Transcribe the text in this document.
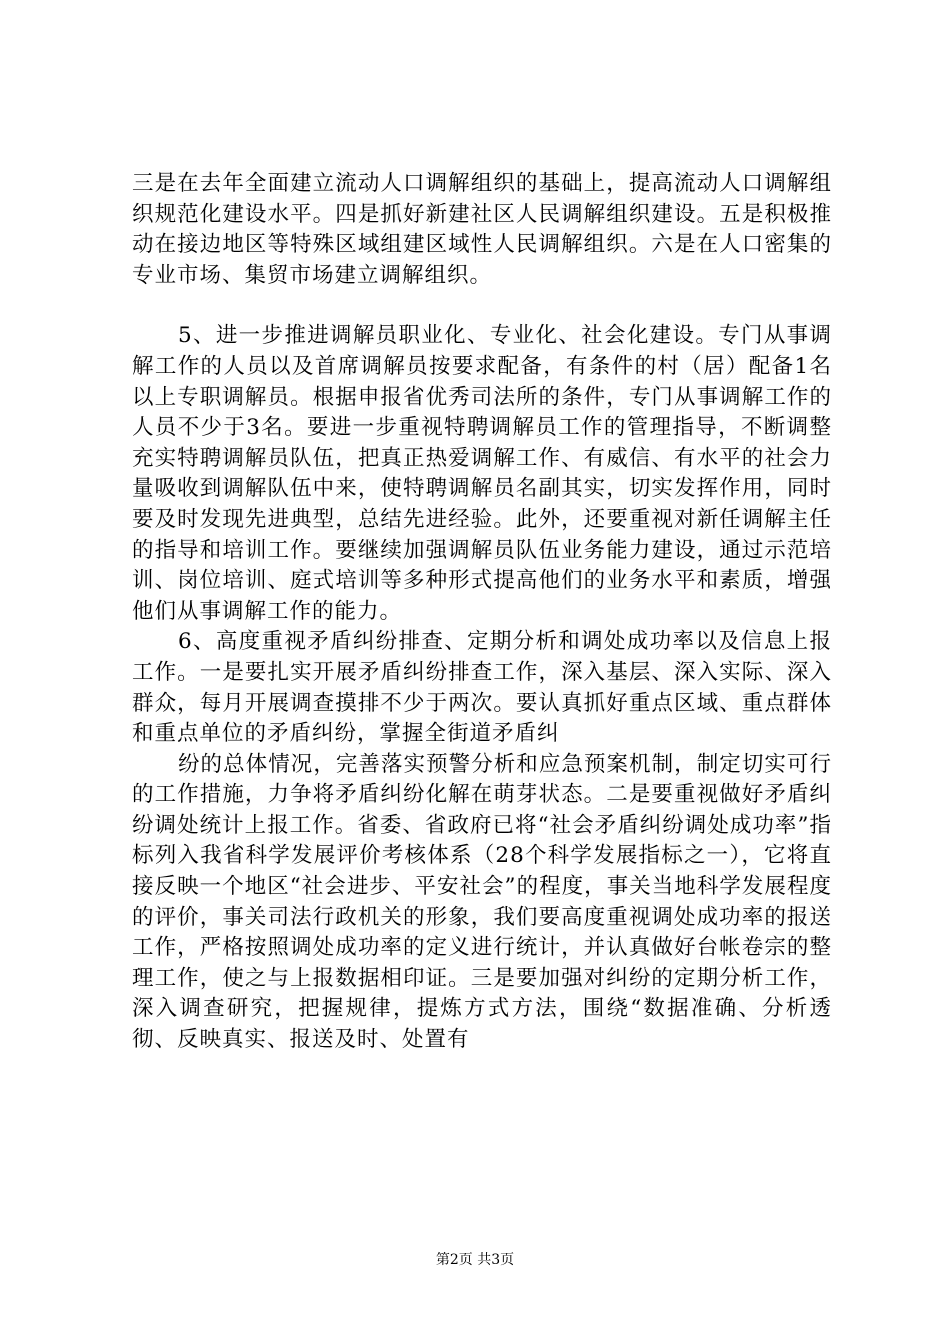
三是在去年全面建立流动人口调解组织的基础上，提高流动人口调解组织规范化建设水平。四是抓好新建社区人民调解组织建设。五是积极推动在接边地区等特殊区域组建区域性人民调解组织。六是在人口密集的专业市场、集贸市场建立调解组织。

5、进一步推进调解员职业化、专业化、社会化建设。专门从事调解工作的人员以及首席调解员按要求配备，有条件的村（居）配备1名以上专职调解员。根据申报省优秀司法所的条件，专门从事调解工作的人员不少于3名。要进一步重视特聘调解员工作的管理指导，不断调整充实特聘调解员队伍，把真正热爱调解工作、有威信、有水平的社会力量吸收到调解队伍中来，使特聘调解员名副其实，切实发挥作用，同时要及时发现先进典型，总结先进经验。此外，还要重视对新任调解主任的指导和培训工作。要继续加强调解员队伍业务能力建设，通过示范培训、岗位培训、庭式培训等多种形式提高他们的业务水平和素质，增强他们从事调解工作的能力。

6、高度重视矛盾纠纷排查、定期分析和调处成功率以及信息上报工作。一是要扎实开展矛盾纠纷排查工作，深入基层、深入实际、深入群众，每月开展调查摸排不少于两次。要认真抓好重点区域、重点群体和重点单位的矛盾纠纷，掌握全街道矛盾纠

纷的总体情况，完善落实预警分析和应急预案机制，制定切实可行的工作措施，力争将矛盾纠纷化解在萌芽状态。二是要重视做好矛盾纠纷调处统计上报工作。省委、省政府已将“社会矛盾纠纷调处成功率”指标列入我省科学发展评价考核体系（28个科学发展指标之一），它将直接反映一个地区“社会进步、平安社会”的程度，事关当地科学发展程度的评价，事关司法行政机关的形象，我们要高度重视调处成功率的报送工作，严格按照调处成功率的定义进行统计，并认真做好台帐卷宗的整理工作，使之与上报数据相印证。三是要加强对纠纷的定期分析工作，深入调查研究，把握规律，提炼方式方法，围绕“数据准确、分析透彻、反映真实、报送及时、处置有

第2页 共3页
